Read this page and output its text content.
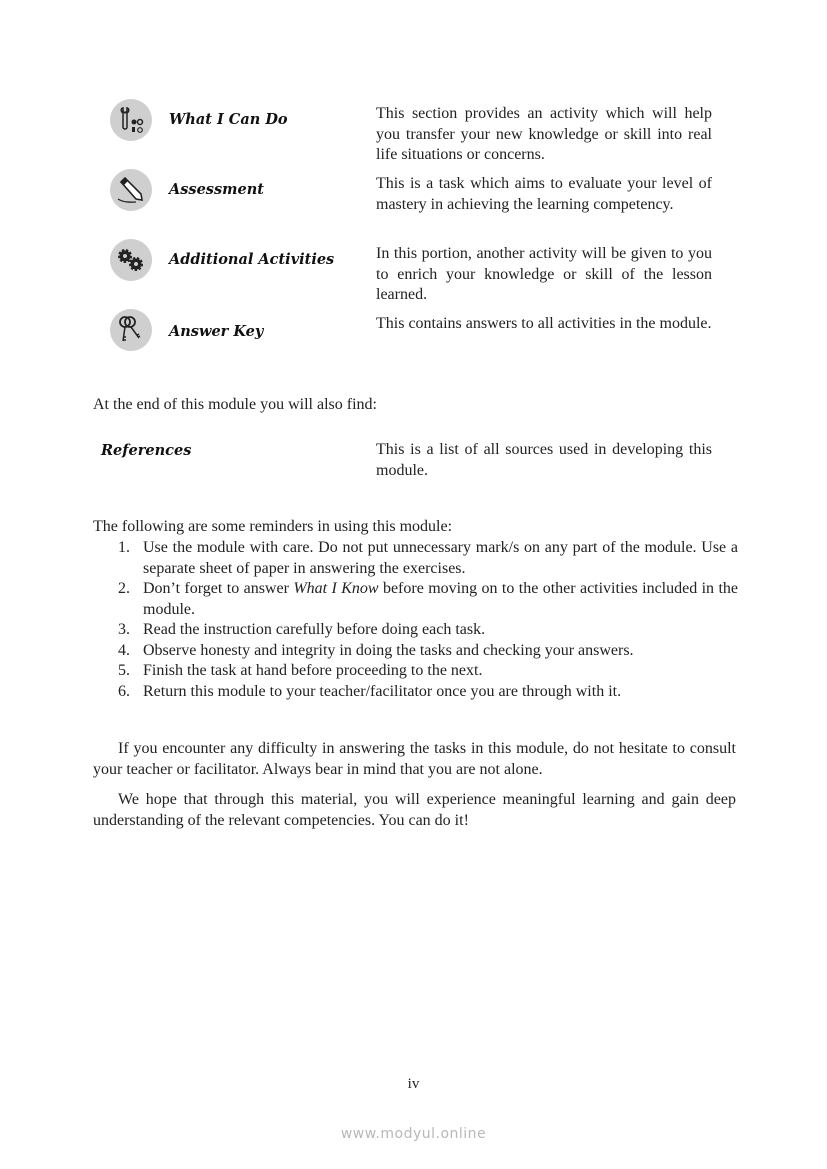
What I Can Do	This section provides an activity which will help you transfer your new knowledge or skill into real life situations or concerns.
Assessment	This is a task which aims to evaluate your level of mastery in achieving the learning competency.
Additional Activities	In this portion, another activity will be given to you to enrich your knowledge or skill of the lesson learned.
Answer Key	This contains answers to all activities in the module.
At the end of this module you will also find:
References	This is a list of all sources used in developing this module.
The following are some reminders in using this module:
1. Use the module with care. Do not put unnecessary mark/s on any part of the module. Use a separate sheet of paper in answering the exercises.
2. Don’t forget to answer What I Know before moving on to the other activities included in the module.
3. Read the instruction carefully before doing each task.
4. Observe honesty and integrity in doing the tasks and checking your answers.
5. Finish the task at hand before proceeding to the next.
6. Return this module to your teacher/facilitator once you are through with it.

If you encounter any difficulty in answering the tasks in this module, do not hesitate to consult your teacher or facilitator. Always bear in mind that you are not alone.

We hope that through this material, you will experience meaningful learning and gain deep understanding of the relevant competencies. You can do it!

iv
www.modyul.online
